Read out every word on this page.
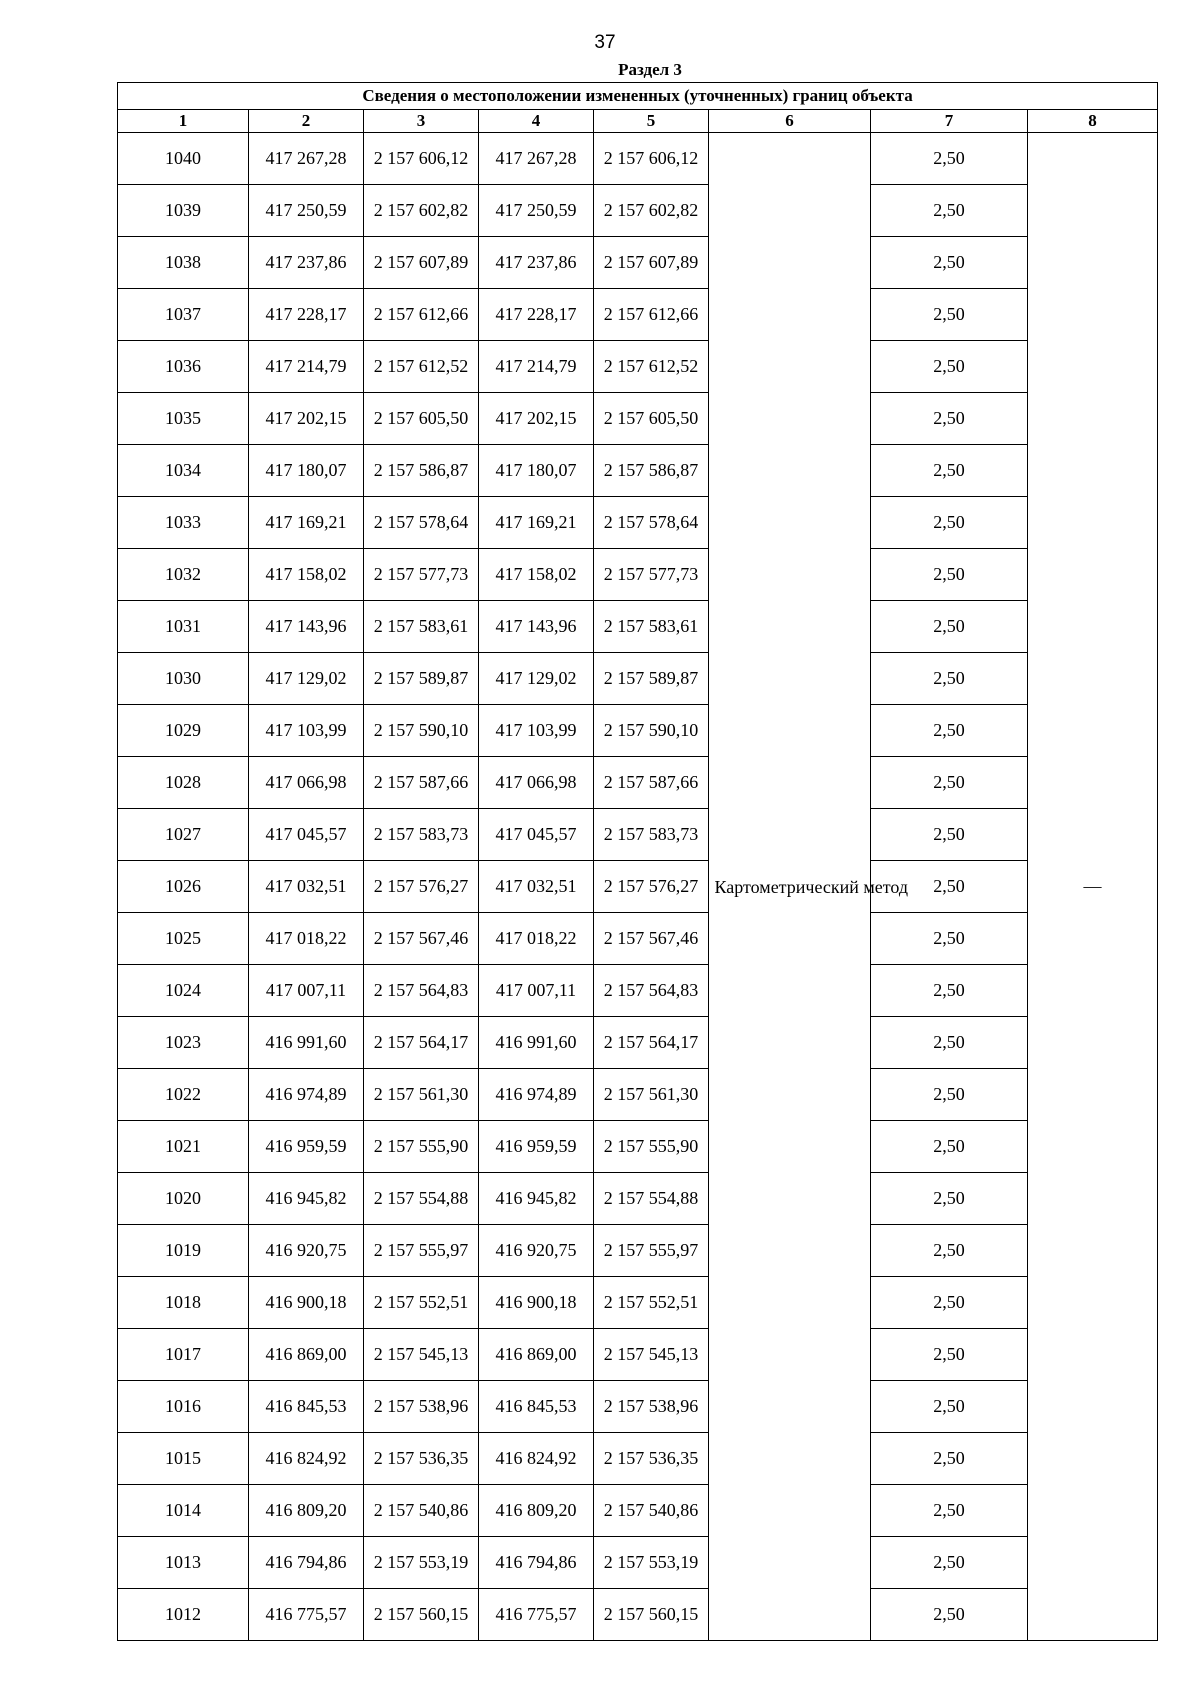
37
Раздел 3
Сведения о местоположении измененных (уточненных) границ объекта							
1	2	3	4	5	6	7	8
1040	417 267,28	2 157 606,12	417 267,28	2 157 606,12	Картометрический метод	2,50	—
1039	417 250,59	2 157 602,82	417 250,59	2 157 602,82		2,50	
1038	417 237,86	2 157 607,89	417 237,86	2 157 607,89		2,50	
1037	417 228,17	2 157 612,66	417 228,17	2 157 612,66		2,50	
1036	417 214,79	2 157 612,52	417 214,79	2 157 612,52		2,50	
1035	417 202,15	2 157 605,50	417 202,15	2 157 605,50		2,50	
1034	417 180,07	2 157 586,87	417 180,07	2 157 586,87		2,50	
1033	417 169,21	2 157 578,64	417 169,21	2 157 578,64		2,50	
1032	417 158,02	2 157 577,73	417 158,02	2 157 577,73		2,50	
1031	417 143,96	2 157 583,61	417 143,96	2 157 583,61		2,50	
1030	417 129,02	2 157 589,87	417 129,02	2 157 589,87		2,50	
1029	417 103,99	2 157 590,10	417 103,99	2 157 590,10		2,50	
1028	417 066,98	2 157 587,66	417 066,98	2 157 587,66		2,50	
1027	417 045,57	2 157 583,73	417 045,57	2 157 583,73		2,50	
1026	417 032,51	2 157 576,27	417 032,51	2 157 576,27		2,50	
1025	417 018,22	2 157 567,46	417 018,22	2 157 567,46		2,50	
1024	417 007,11	2 157 564,83	417 007,11	2 157 564,83		2,50	
1023	416 991,60	2 157 564,17	416 991,60	2 157 564,17		2,50	
1022	416 974,89	2 157 561,30	416 974,89	2 157 561,30		2,50	
1021	416 959,59	2 157 555,90	416 959,59	2 157 555,90		2,50	
1020	416 945,82	2 157 554,88	416 945,82	2 157 554,88		2,50	
1019	416 920,75	2 157 555,97	416 920,75	2 157 555,97		2,50	
1018	416 900,18	2 157 552,51	416 900,18	2 157 552,51		2,50	
1017	416 869,00	2 157 545,13	416 869,00	2 157 545,13		2,50	
1016	416 845,53	2 157 538,96	416 845,53	2 157 538,96		2,50	
1015	416 824,92	2 157 536,35	416 824,92	2 157 536,35		2,50	
1014	416 809,20	2 157 540,86	416 809,20	2 157 540,86		2,50	
1013	416 794,86	2 157 553,19	416 794,86	2 157 553,19		2,50	
1012	416 775,57	2 157 560,15	416 775,57	2 157 560,15		2,50	
